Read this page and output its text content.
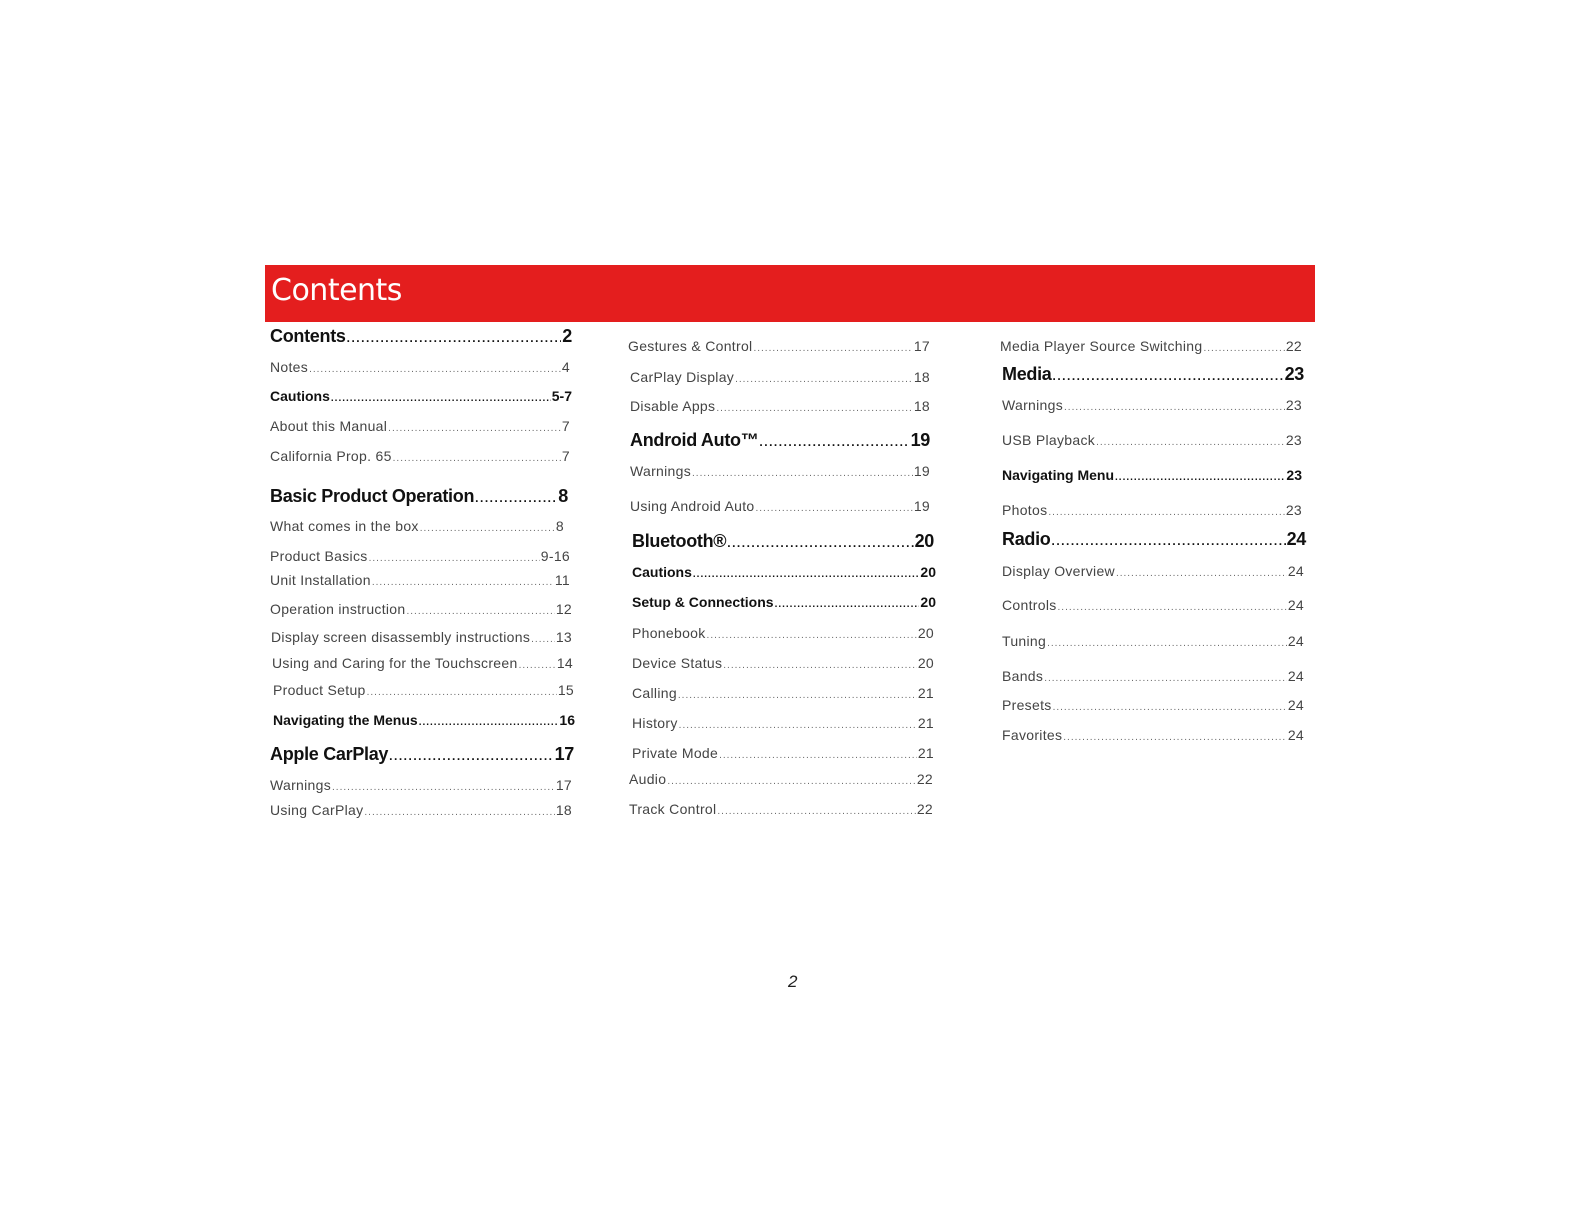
Contents
Contents .....	2
Notes .....	4
Cautions .....	5-7
About this Manual .....	7
California Prop. 65 .....	7
Basic Product Operation .....	8
What comes in the box .....	8
Product Basics .....	9-16
Unit Installation .....	11
Operation instruction .....	12
Display screen disassembly instructions ..... 13
Using and Caring for the Touchscreen .....	14
Product Setup .....	15
Navigating the Menus .....	16
Apple CarPlay .....	17
Warnings .....	17
Using CarPlay .....	18
Gestures & Control .....	17
CarPlay Display .....	18
Disable Apps .....	18
Android Auto™ .....	19
Warnings .....	19
Using Android Auto .....	19
Bluetooth® .....	20
Cautions .....	20
Setup & Connections .....	20
Phonebook .....	20
Device Status .....	20
Calling .....	21
History .....	21
Private Mode .....	21
Audio .....	22
Track Control .....	22
Media Player Source Switching .....	22
Media .....	23
Warnings .....	23
USB Playback .....	23
Navigating Menu .....	23
Photos .....	23
Radio .....	24
Display Overview .....	24
Controls .....	24
Tuning .....	24
Bands .....	24
Presets .....	24
Favorites .....	24
2
